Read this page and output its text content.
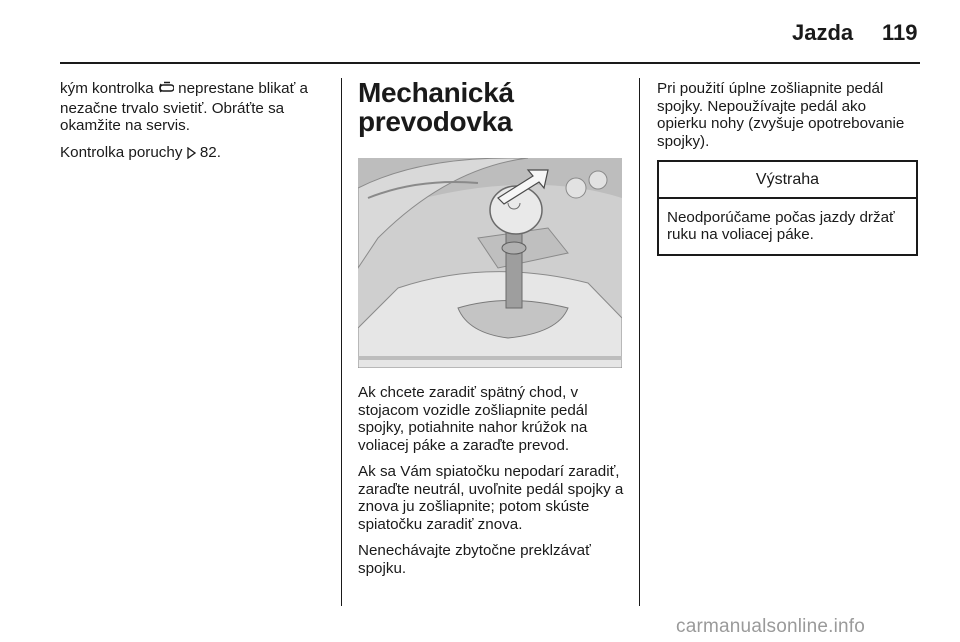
Jazda 119

kým kontrolka  neprestane blikať a nezačne trvalo svietiť. Obráťte sa okamžite na servis.

Kontrolka poruchy  82.

Mechanická
prevodovka

Ak chcete zaradiť spätný chod, v stojacom vozidle zošliapnite pedál spojky, potiahnite nahor krúžok na voliacej páke a zaraďte prevod.

Ak sa Vám spiatočku nepodarí zaradiť, zaraďte neutrál, uvoľnite pedál spojky a znova ju zošliapnite; potom skúste spiatočku zaradiť znova.

Nenechávajte zbytočne preklzávať spojku.

Pri použití úplne zošliapnite pedál spojky. Nepoužívajte pedál ako opierku nohy (zvyšuje opotrebovanie spojky).

Výstraha
Neodporúčame počas jazdy držať ruku na voliacej páke.
carmanualsonline.info
